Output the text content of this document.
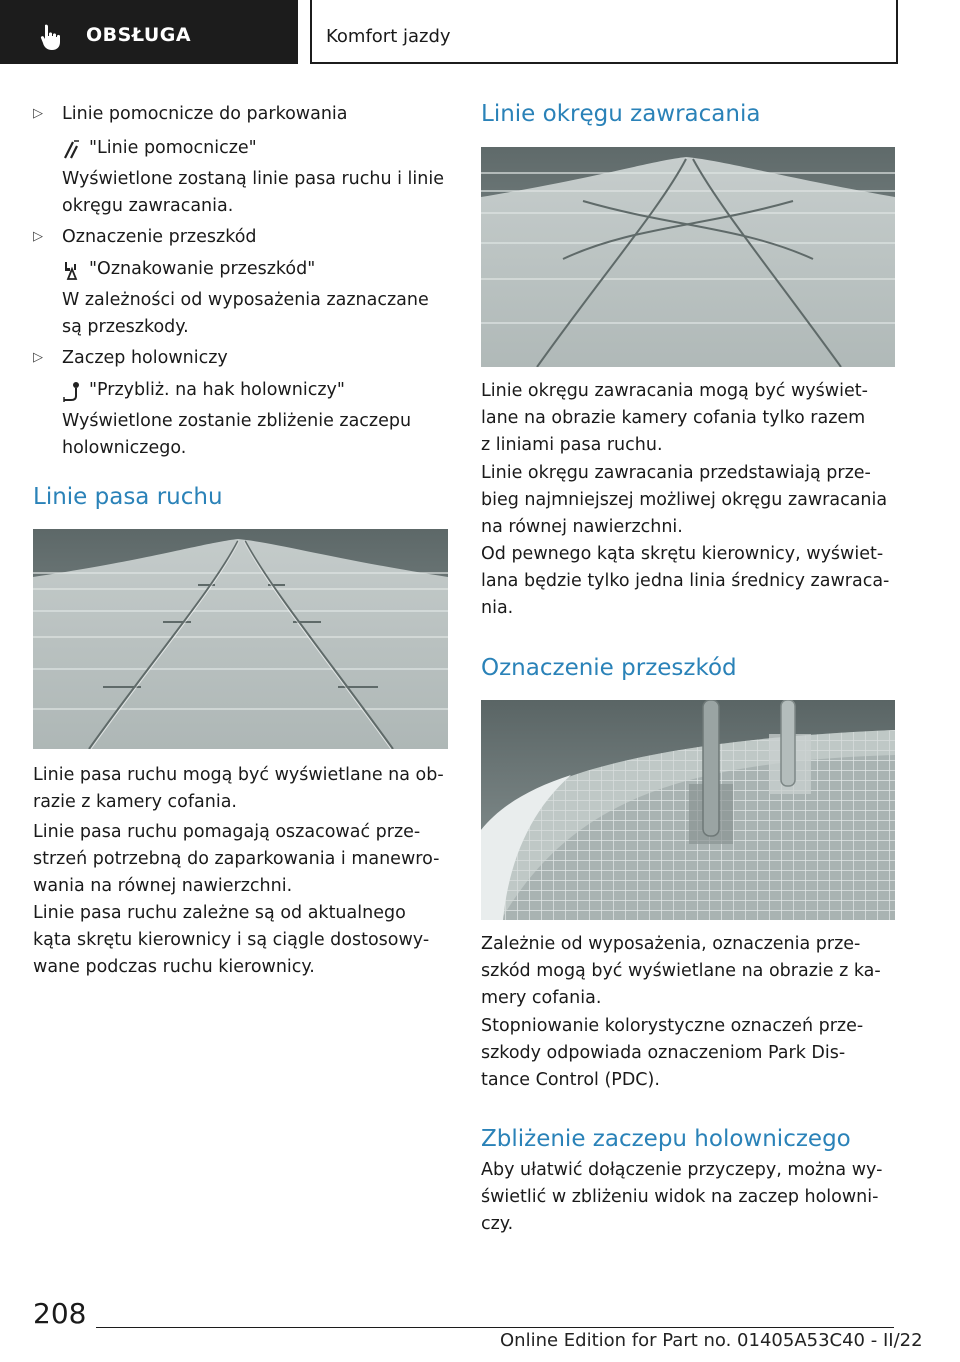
OBSŁUGA	Komfort jazdy
▷ Linie pomocnicze do parkowania
"Linie pomocnicze"

Wyświetlone zostaną linie pasa ruchu i linie

okręgu zawracania.

▷ Oznaczenie przeszkód
"Oznakowanie przeszkód"

W zależności od wyposażenia zaznaczane

są przeszkody.

▷ Zaczep holowniczy
"Przybliż. na hak holowniczy"

Wyświetlone zostanie zbliżenie zaczepu

holowniczego.

Linie pasa ruchu

Linie pasa ruchu mogą być wyświetlane na ob-

razie z kamery cofania.

Linie pasa ruchu pomagają oszacować prze-

strzeń potrzebną do zaparkowania i manewro-

wania na równej nawierzchni.

Linie pasa ruchu zależne są od aktualnego

kąta skrętu kierownicy i są ciągle dostosowy-

wane podczas ruchu kierownicy.

Linie okręgu zawracania

Linie okręgu zawracania mogą być wyświet-

lane na obrazie kamery cofania tylko razem

z liniami pasa ruchu.

Linie okręgu zawracania przedstawiają prze-

bieg najmniejszej możliwej okręgu zawracania

na równej nawierzchni.

Od pewnego kąta skrętu kierownicy, wyświet-

lana będzie tylko jedna linia średnicy zawraca-

nia.

Oznaczenie przeszkód

Zależnie od wyposażenia, oznaczenia prze-

szkód mogą być wyświetlane na obrazie z ka-

mery cofania.

Stopniowanie kolorystyczne oznaczeń prze-

szkody odpowiada oznaczeniom Park Dis-

tance Control (PDC).

Zbliżenie zaczepu holowniczego

Aby ułatwić dołączenie przyczepy, można wy-

świetlić w zbliżeniu widok na zaczep holowni-

czy.

208
Online Edition for Part no. 01405A53C40 - II/22
